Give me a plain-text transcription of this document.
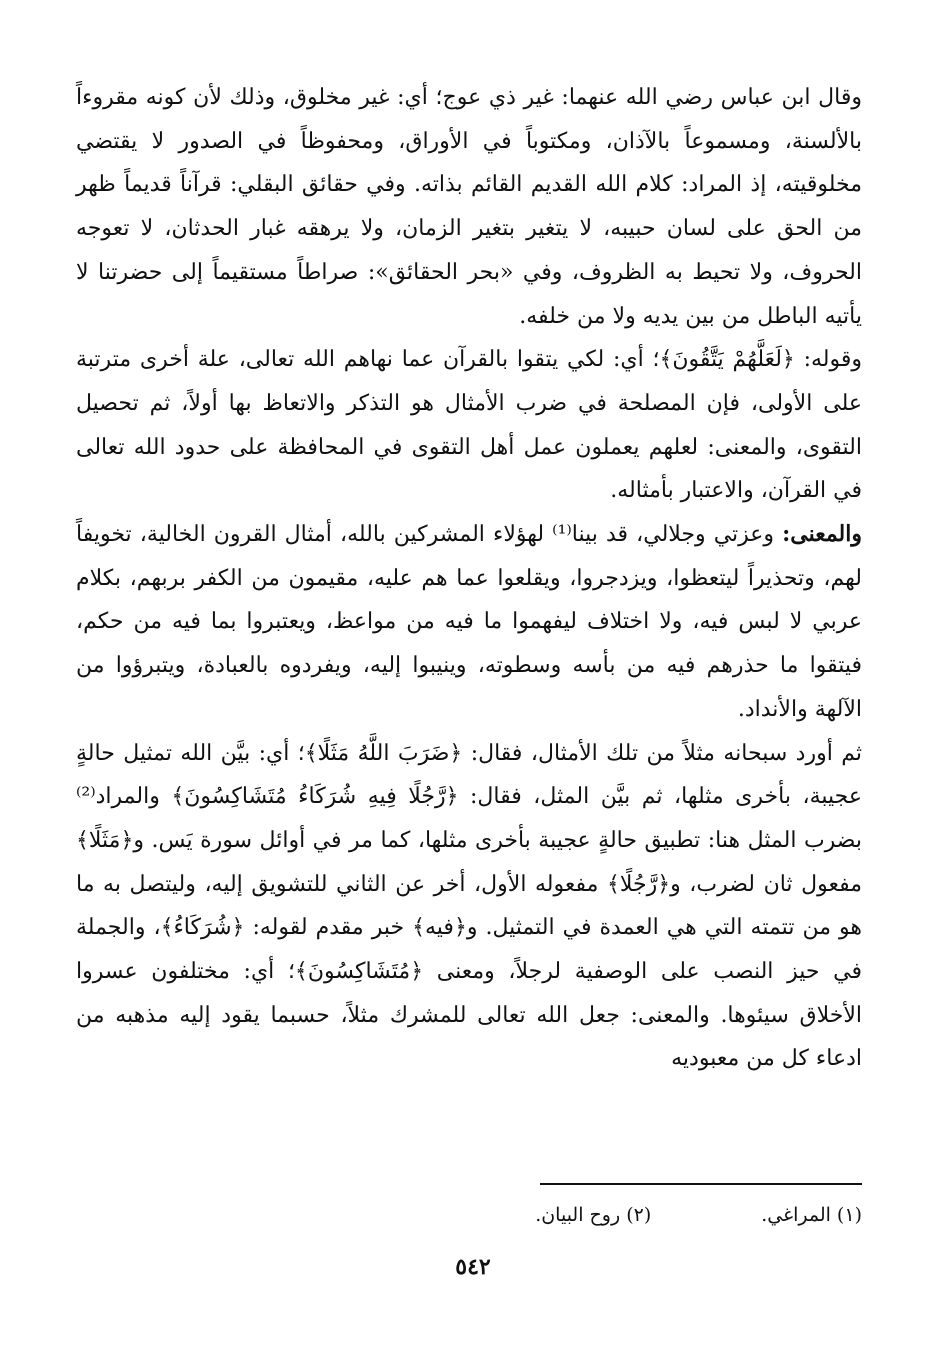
وقال ابن عباس رضي الله عنهما: غير ذي عوج؛ أي: غير مخلوق، وذلك لأن كونه مقروءاً بالألسنة، ومسموعاً بالآذان، ومكتوباً في الأوراق، ومحفوظاً في الصدور لا يقتضي مخلوقيته، إذ المراد: كلام الله القديم القائم بذاته. وفي حقائق البقلي: قرآناً قديماً ظهر من الحق على لسان حبيبه، لا يتغير بتغير الزمان، ولا يرهقه غبار الحدثان، لا تعوجه الحروف، ولا تحيط به الظروف، وفي «بحر الحقائق»: صراطاً مستقيماً إلى حضرتنا لا يأتيه الباطل من بين يديه ولا من خلفه.

وقوله: ﴿لَعَلَّهُمْ يَتَّقُونَ﴾؛ أي: لكي يتقوا بالقرآن عما نهاهم الله تعالى، علة أخرى مترتبة على الأولى، فإن المصلحة في ضرب الأمثال هو التذكر والاتعاظ بها أولاً، ثم تحصيل التقوى، والمعنى: لعلهم يعملون عمل أهل التقوى في المحافظة على حدود الله تعالى في القرآن، والاعتبار بأمثاله.

والمعنى: وعزتي وجلالي، قد بينا⁽¹⁾ لهؤلاء المشركين بالله، أمثال القرون الخالية، تخويفاً لهم، وتحذيراً ليتعظوا، ويزدجروا، ويقلعوا عما هم عليه، مقيمون من الكفر بربهم، بكلام عربي لا لبس فيه، ولا اختلاف ليفهموا ما فيه من مواعظ، ويعتبروا بما فيه من حكم، فيتقوا ما حذرهم فيه من بأسه وسطوته، وينيبوا إليه، ويفردوه بالعبادة، ويتبرؤوا من الآلهة والأنداد.

ثم أورد سبحانه مثلاً من تلك الأمثال، فقال: ﴿ضَرَبَ اللَّهُ مَثَلًا﴾؛ أي: بيَّن الله تمثيل حالةٍ عجيبة، بأخرى مثلها، ثم بيَّن المثل، فقال: ﴿رَّجُلًا فِيهِ شُرَكَاءُ مُتَشَاكِسُونَ﴾ والمراد⁽²⁾ بضرب المثل هنا: تطبيق حالةٍ عجيبة بأخرى مثلها، كما مر في أوائل سورة يَس. و﴿مَثَلًا﴾ مفعول ثان لضرب، و﴿رَّجُلًا﴾ مفعوله الأول، أخر عن الثاني للتشويق إليه، وليتصل به ما هو من تتمته التي هي العمدة في التمثيل. و﴿فيه﴾ خبر مقدم لقوله: ﴿شُرَكَاءُ﴾، والجملة في حيز النصب على الوصفية لرجلاً، ومعنى ﴿مُتَشَاكِسُونَ﴾؛ أي: مختلفون عسروا الأخلاق سيئوها. والمعنى: جعل الله تعالى للمشرك مثلاً، حسبما يقود إليه مذهبه من ادعاء كل من معبوديه

(١) المراغي.
(٢) روح البيان.
٥٤٢
